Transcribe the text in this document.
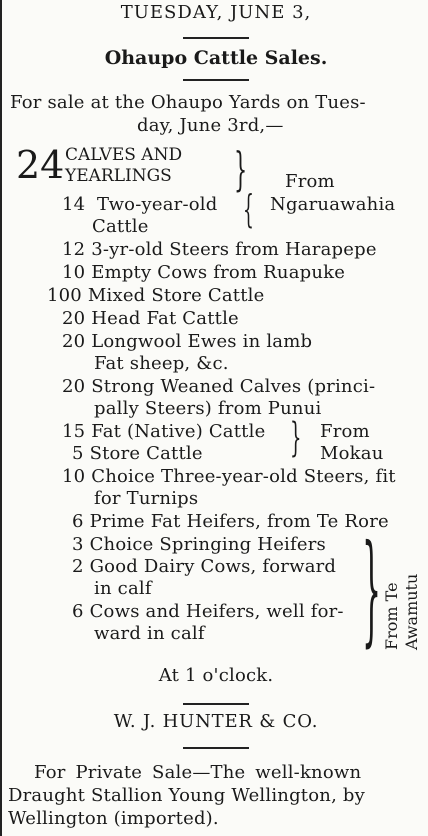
TUESDAY, JUNE 3,
Ohaupo Cattle Sales.
For sale at the Ohaupo Yards on Tues-
day, June 3rd,—
24 CALVES AND
YEARLINGS } From
Ngaruawahia
14 Two-year-old {
Cattle
12 3-yr-old Steers from Harapepe
10 Empty Cows from Ruapuke
100 Mixed Store Cattle
20 Head Fat Cattle
20 Longwool Ewes in lamb
Fat sheep, &c.
20 Strong Weaned Calves (princi-
pally Steers) from Punui
15 Fat (Native) Cattle
5 Store Cattle } From
Mokau
10 Choice Three-year-old Steers, fit
for Turnips
6 Prime Fat Heifers, from Te Rore
3 Choice Springing Heifers
2 Good Dairy Cows, forward
in calf
6 Cows and Heifers, well for-
ward in calf } From Te Awamutu
At 1 o'clock.
W. J. HUNTER & CO.
For Private Sale—The well-known
Draught Stallion Young Wellington, by
Wellington (imported).
